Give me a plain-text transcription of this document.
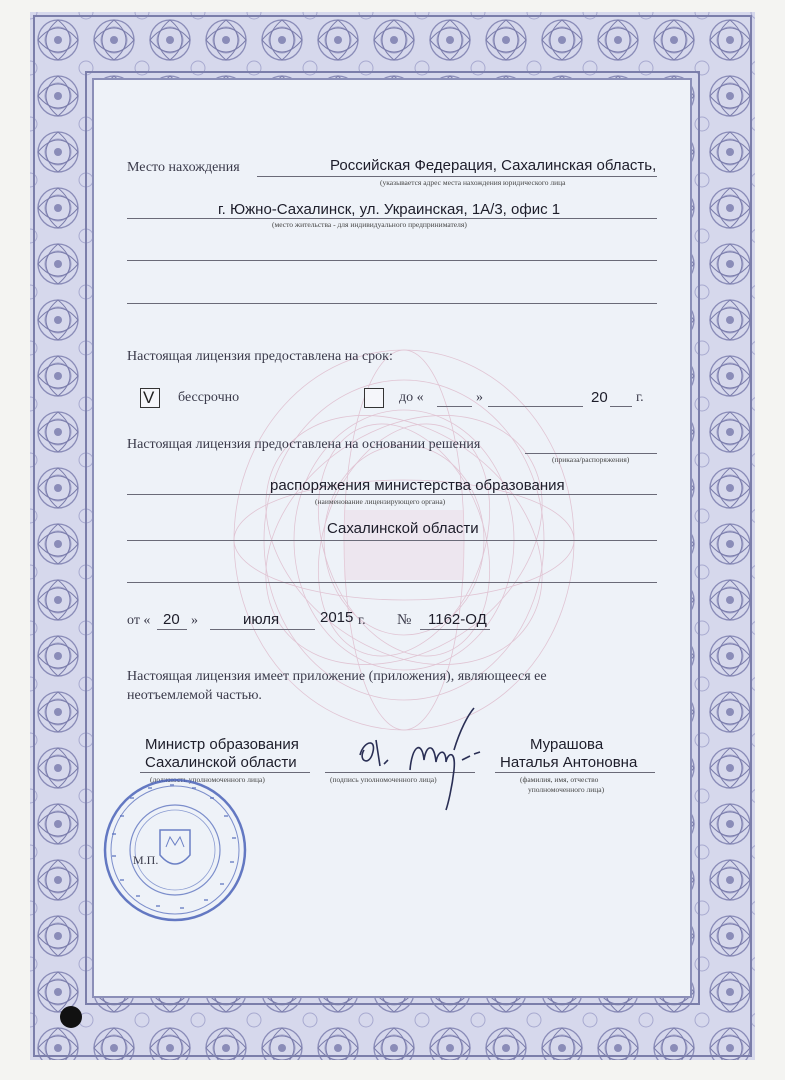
Место нахождения	Российская Федерация, Сахалинская область,
(указывается адрес места нахождения юридического лица
г. Южно-Сахалинск, ул. Украинская, 1А/3, офис 1
(место жительства - для индивидуального предпринимателя)
Настоящая лицензия предоставлена на срок:
V бессрочно	до «	»	20 г.
Настоящая лицензия предоставлена на основании решения
(приказа/распоряжения)
распоряжения министерства образования
(наименование лицензирующего органа)
Сахалинской области
от « 20 »	июля	2015 г. № 1162-ОД
Настоящая лицензия имеет приложение (приложения), являющееся ее
неотъемлемой частью.
Министр образования
Сахалинской области
(должность уполномоченного лица)	(подпись уполномоченного лица)
Мурашова
Наталья Антоновна
(фамилия, имя, отчество
уполномоченного лица)
М.П.
